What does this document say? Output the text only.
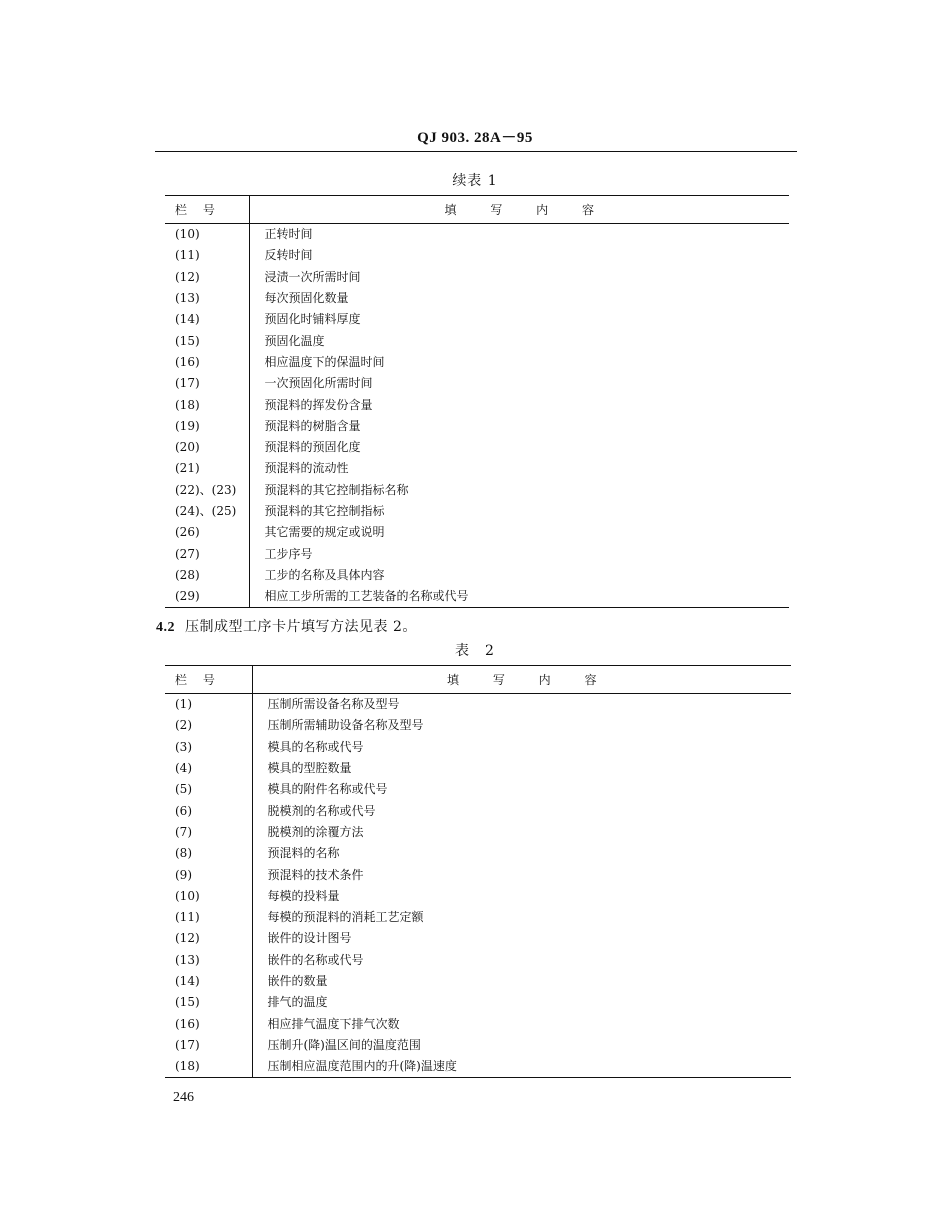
QJ 903. 28A－95
续表 1
栏 号	填 写 内 容
(10)	正转时间
(11)	反转时间
(12)	浸渍一次所需时间
(13)	每次预固化数量
(14)	预固化时铺料厚度
(15)	预固化温度
(16)	相应温度下的保温时间
(17)	一次预固化所需时间
(18)	预混料的挥发份含量
(19)	预混料的树脂含量
(20)	预混料的预固化度
(21)	预混料的流动性
(22)、(23)	预混料的其它控制指标名称
(24)、(25)	预混料的其它控制指标
(26)	其它需要的规定或说明
(27)	工步序号
(28)	工步的名称及具体内容
(29)	相应工步所需的工艺装备的名称或代号
4.2 压制成型工序卡片填写方法见表 2。
表　2
栏 号	填 写 内 容
(1)	压制所需设备名称及型号
(2)	压制所需辅助设备名称及型号
(3)	模具的名称或代号
(4)	模具的型腔数量
(5)	模具的附件名称或代号
(6)	脱模剂的名称或代号
(7)	脱模剂的涂覆方法
(8)	预混料的名称
(9)	预混料的技术条件
(10)	每模的投料量
(11)	每模的预混料的消耗工艺定额
(12)	嵌件的设计图号
(13)	嵌件的名称或代号
(14)	嵌件的数量
(15)	排气的温度
(16)	相应排气温度下排气次数
(17)	压制升(降)温区间的温度范围
(18)	压制相应温度范围内的升(降)温速度
246
